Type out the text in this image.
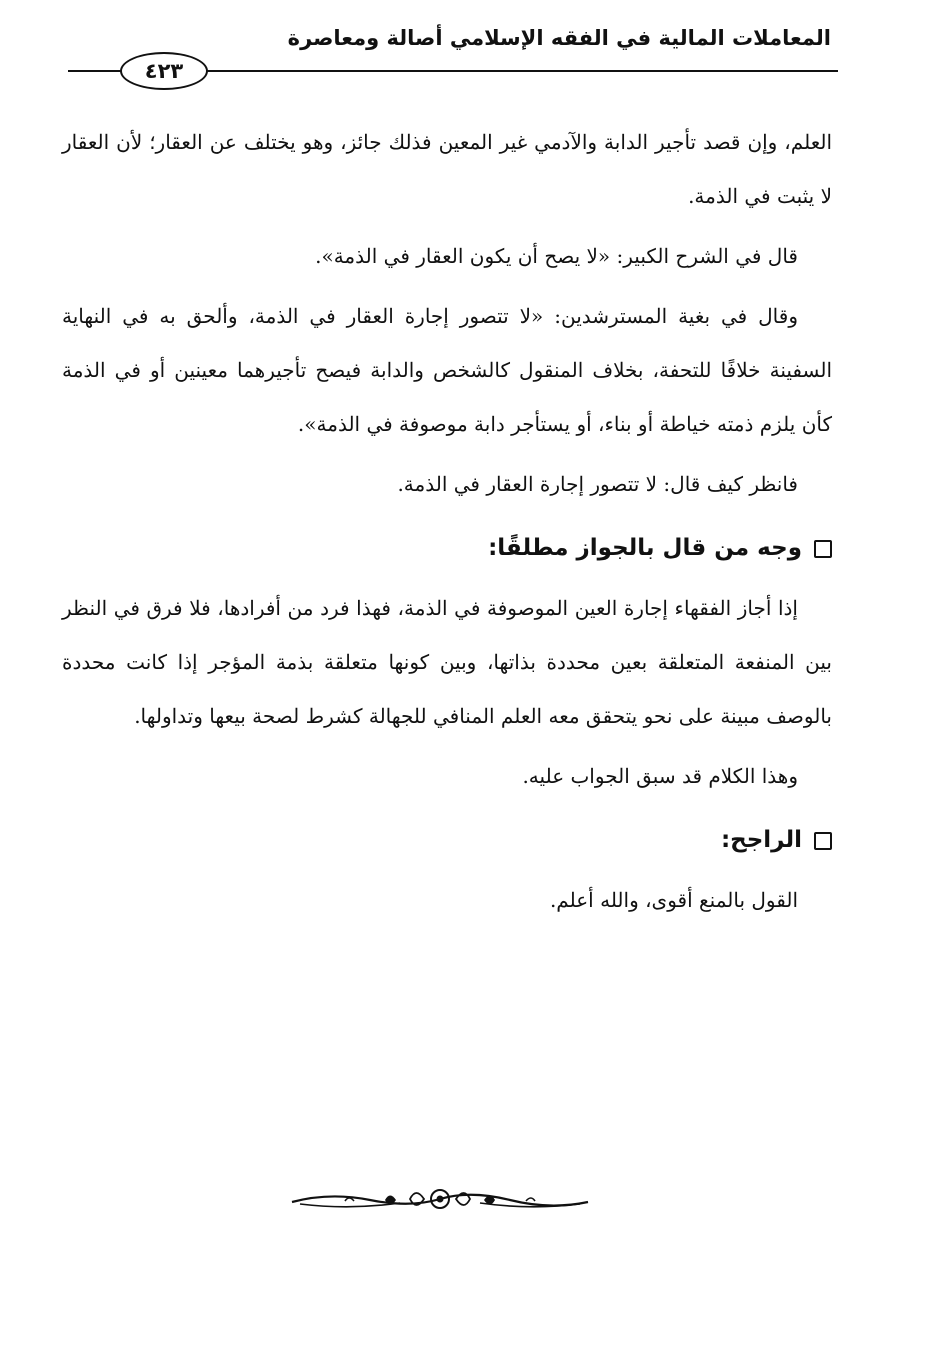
المعاملات المالية في الفقه الإسلامي أصالة ومعاصرة
٤٢٣

العلم، وإن قصد تأجير الدابة والآدمي غير المعين فذلك جائز، وهو يختلف عن العقار؛ لأن العقار لا يثبت في الذمة.

قال في الشرح الكبير: «لا يصح أن يكون العقار في الذمة».

وقال في بغية المسترشدين: «لا تتصور إجارة العقار في الذمة، وألحق به في النهاية السفينة خلافًا للتحفة، بخلاف المنقول كالشخص والدابة فيصح تأجيرهما معينين أو في الذمة كأن يلزم ذمته خياطة أو بناء، أو يستأجر دابة موصوفة في الذمة».

فانظر كيف قال: لا تتصور إجارة العقار في الذمة.

وجه من قال بالجواز مطلقًا:

إذا أجاز الفقهاء إجارة العين الموصوفة في الذمة، فهذا فرد من أفرادها، فلا فرق في النظر بين المنفعة المتعلقة بعين محددة بذاتها، وبين كونها متعلقة بذمة المؤجر إذا كانت محددة بالوصف مبينة على نحو يتحقق معه العلم المنافي للجهالة كشرط لصحة بيعها وتداولها.

وهذا الكلام قد سبق الجواب عليه.

الراجح:

القول بالمنع أقوى، والله أعلم.
